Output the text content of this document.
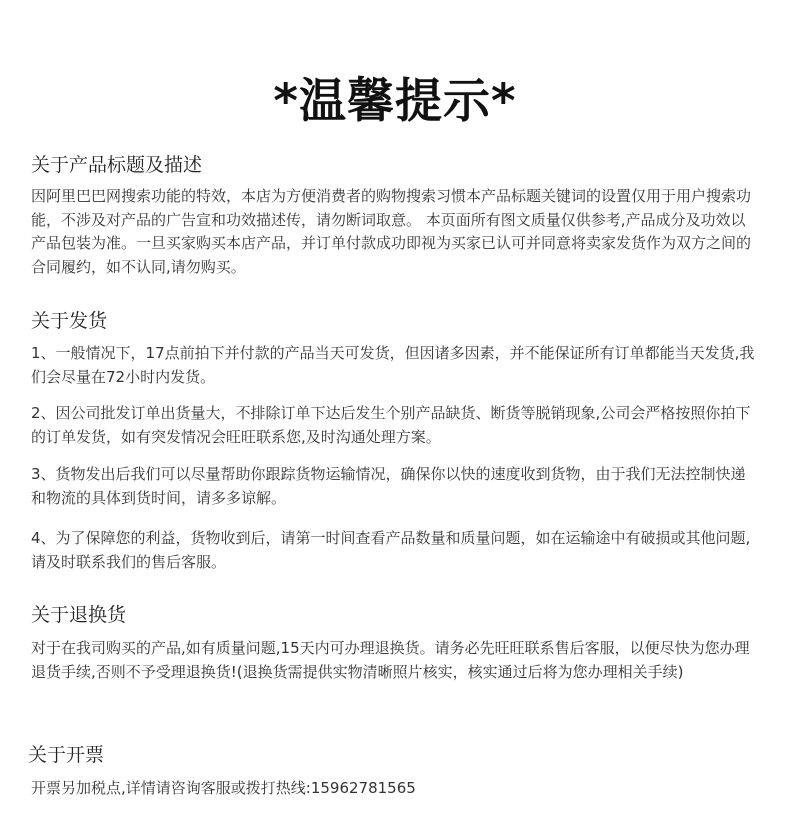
*温馨提示*
关于产品标题及描述
因阿里巴巴网搜索功能的特效，本店为方便消费者的购物搜索习惯本产品标题关键词的设置仅用于用户搜索功能，不涉及对产品的广告宣和功效描述传，请勿断词取意。 本页面所有图文质量仅供参考,产品成分及功效以产品包装为准。一旦买家购买本店产品，并订单付款成功即视为买家已认可并同意将卖家发货作为双方之间的合同履约，如不认同,请勿购买。
关于发货
1、一般情况下，17点前拍下并付款的产品当天可发货，但因诸多因素，并不能保证所有订单都能当天发货,我们会尽量在72小时内发货。
2、因公司批发订单出货量大，不排除订单下达后发生个别产品缺货、断货等脱销现象,公司会严格按照你拍下的订单发货，如有突发情况会旺旺联系您,及时沟通处理方案。
3、货物发出后我们可以尽量帮助你跟踪货物运输情况，确保你以快的速度收到货物，由于我们无法控制快递和物流的具体到货时间，请多多谅解。
4、为了保障您的利益，货物收到后，请第一时间查看产品数量和质量问题，如在运输途中有破损或其他问题,请及时联系我们的售后客服。
关于退换货
对于在我司购买的产品,如有质量问题,15天内可办理退换货。请务必先旺旺联系售后客服，以便尽快为您办理退货手续,否则不予受理退换货!(退换货需提供实物清晰照片核实，核实通过后将为您办理相关手续)
关于开票
开票另加税点,详情请咨询客服或拨打热线:15962781565
